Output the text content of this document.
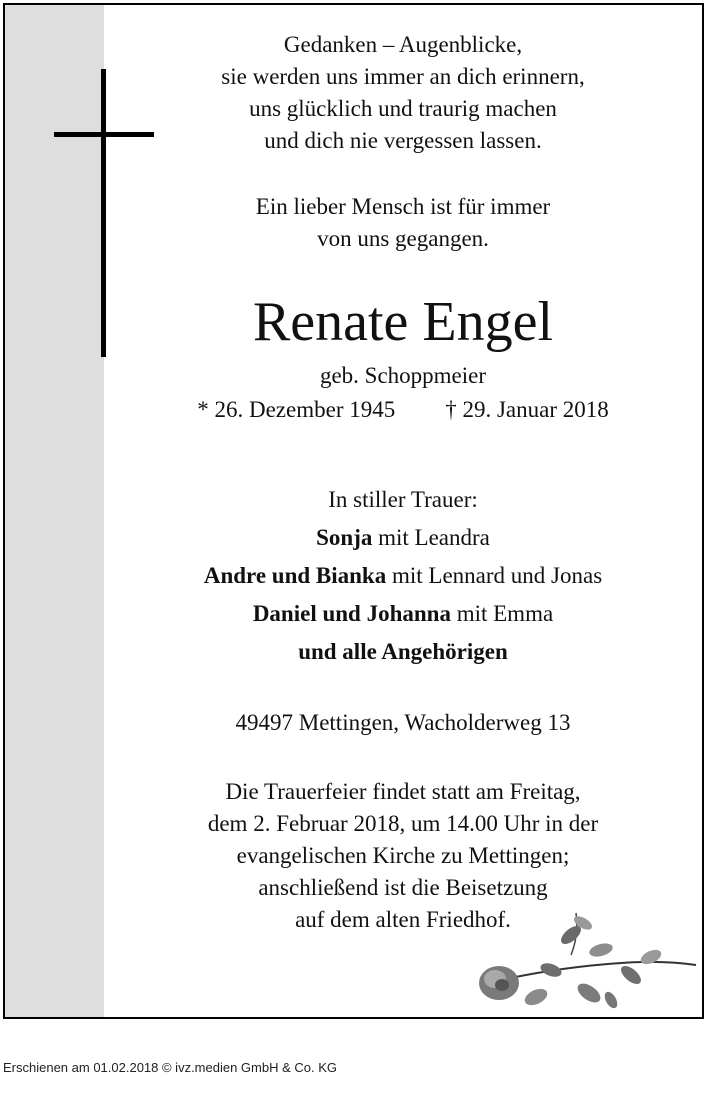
Gedanken – Augenblicke,
sie werden uns immer an dich erinnern,
uns glücklich und traurig machen
und dich nie vergessen lassen.
Ein lieber Mensch ist für immer
von uns gegangen.
Renate Engel
geb. Schoppmeier
* 26. Dezember 1945 † 29. Januar 2018
In stiller Trauer:
Sonja mit Leandra
Andre und Bianka mit Lennard und Jonas
Daniel und Johanna mit Emma
und alle Angehörigen
49497 Mettingen, Wacholderweg 13
Die Trauerfeier findet statt am Freitag,
dem 2. Februar 2018, um 14.00 Uhr in der
evangelischen Kirche zu Mettingen;
anschließend ist die Beisetzung
auf dem alten Friedhof.
Erschienen am 01.02.2018 © ivz.medien GmbH & Co. KG
